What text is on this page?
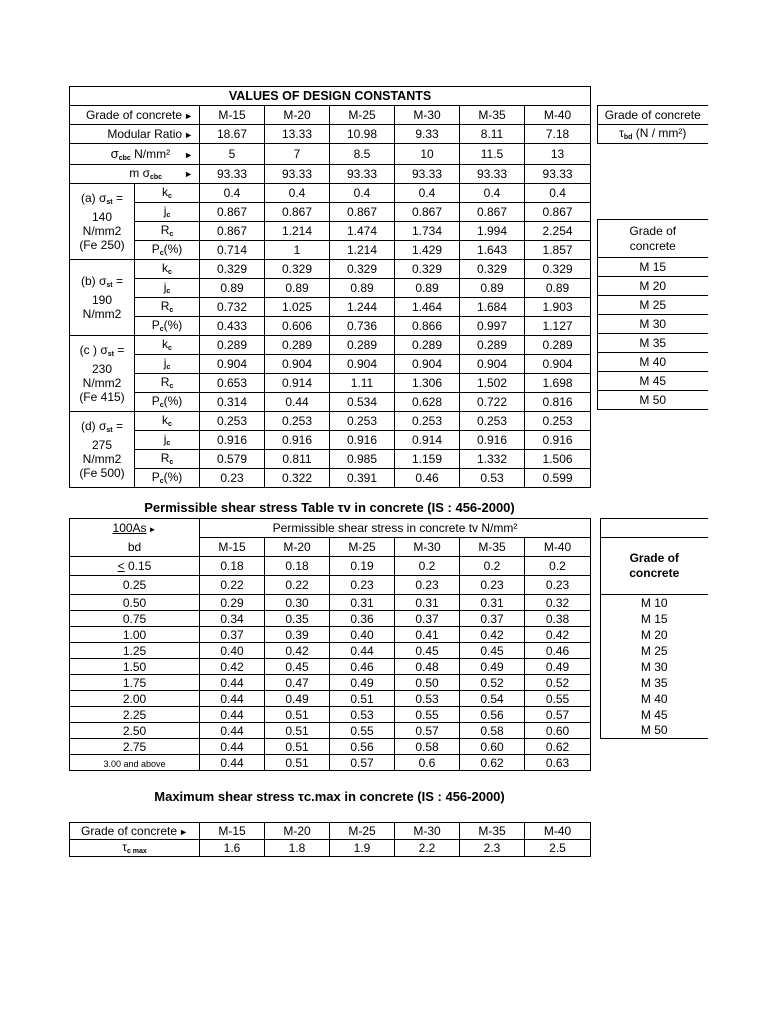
VALUES OF DESIGN CONSTANTS							
Grade of concrete ►		M-15	M-20	M-25	M-30	M-35	M-40
Modular Ratio ►		18.67	13.33	10.98	9.33	8.11	7.18
$\sigma_{cbc}$ N/mm² ►		5	7	8.5	10	11.5	13
m $\sigma_{cbc}$ ►		93.33	93.33	93.33	93.33	93.33	93.33
(a) $\sigma_{st}$ =
140
N/mm2
(Fe 250)	$k_c$	0.4	0.4	0.4	0.4	0.4	0.4
	$j_c$	0.867	0.867	0.867	0.867	0.867	0.867
	$R_c$	0.867	1.214	1.474	1.734	1.994	2.254
	$P_c(\%)$	0.714	1	1.214	1.429	1.643	1.857
(b) $\sigma_{st}$ =
190
N/mm2	$k_c$	0.329	0.329	0.329	0.329	0.329	0.329
	$j_c$	0.89	0.89	0.89	0.89	0.89	0.89
	$R_c$	0.732	1.025	1.244	1.464	1.684	1.903
	$P_c(\%)$	0.433	0.606	0.736	0.866	0.997	1.127
(c ) $\sigma_{st}$ =
230
N/mm2
(Fe 415)	$k_c$	0.289	0.289	0.289	0.289	0.289	0.289
	$j_c$	0.904	0.904	0.904	0.904	0.904	0.904
	$R_c$	0.653	0.914	1.11	1.306	1.502	1.698
	$P_c(\%)$	0.314	0.44	0.534	0.628	0.722	0.816
(d) $\sigma_{st}$ =
275
N/mm2
(Fe 500)	$k_c$	0.253	0.253	0.253	0.253	0.253	0.253
	$j_c$	0.916	0.916	0.916	0.914	0.916	0.916
	$R_c$	0.579	0.811	0.985	1.159	1.332	1.506
	$P_c(\%)$	0.23	0.322	0.391	0.46	0.53	0.599
Grade of concrete
$\tau_{bd}$ (N / mm²)

Grade of
concrete
M 15
M 20
M 25
M 30
M 35
M 40
M 45
M 50
Permissible shear stress Table τv in concrete (IS : 456-2000)
100As ►	Permissible shear stress in concrete tv N/mm²					
bd	M-15	M-20	M-25	M-30	M-35	M-40
< 0.15	0.18	0.18	0.19	0.2	0.2	0.2
0.25	0.22	0.22	0.23	0.23	0.23	0.23
0.50	0.29	0.30	0.31	0.31	0.31	0.32
0.75	0.34	0.35	0.36	0.37	0.37	0.38
1.00	0.37	0.39	0.40	0.41	0.42	0.42
1.25	0.40	0.42	0.44	0.45	0.45	0.46
1.50	0.42	0.45	0.46	0.48	0.49	0.49
1.75	0.44	0.47	0.49	0.50	0.52	0.52
2.00	0.44	0.49	0.51	0.53	0.54	0.55
2.25	0.44	0.51	0.53	0.55	0.56	0.57
2.50	0.44	0.51	0.55	0.57	0.58	0.60
2.75	0.44	0.51	0.56	0.58	0.60	0.62
3.00 and above	0.44	0.51	0.57	0.6	0.62	0.63

Grade of
concrete
M 10
M 15
M 20
M 25
M 30
M 35
M 40
M 45
M 50
Maximum shear stress τc.max in concrete (IS : 456-2000)
Grade of concrete ►	M-15	M-20	M-25	M-30	M-35	M-40
$\tau_{c max}$	1.6	1.8	1.9	2.2	2.3	2.5
